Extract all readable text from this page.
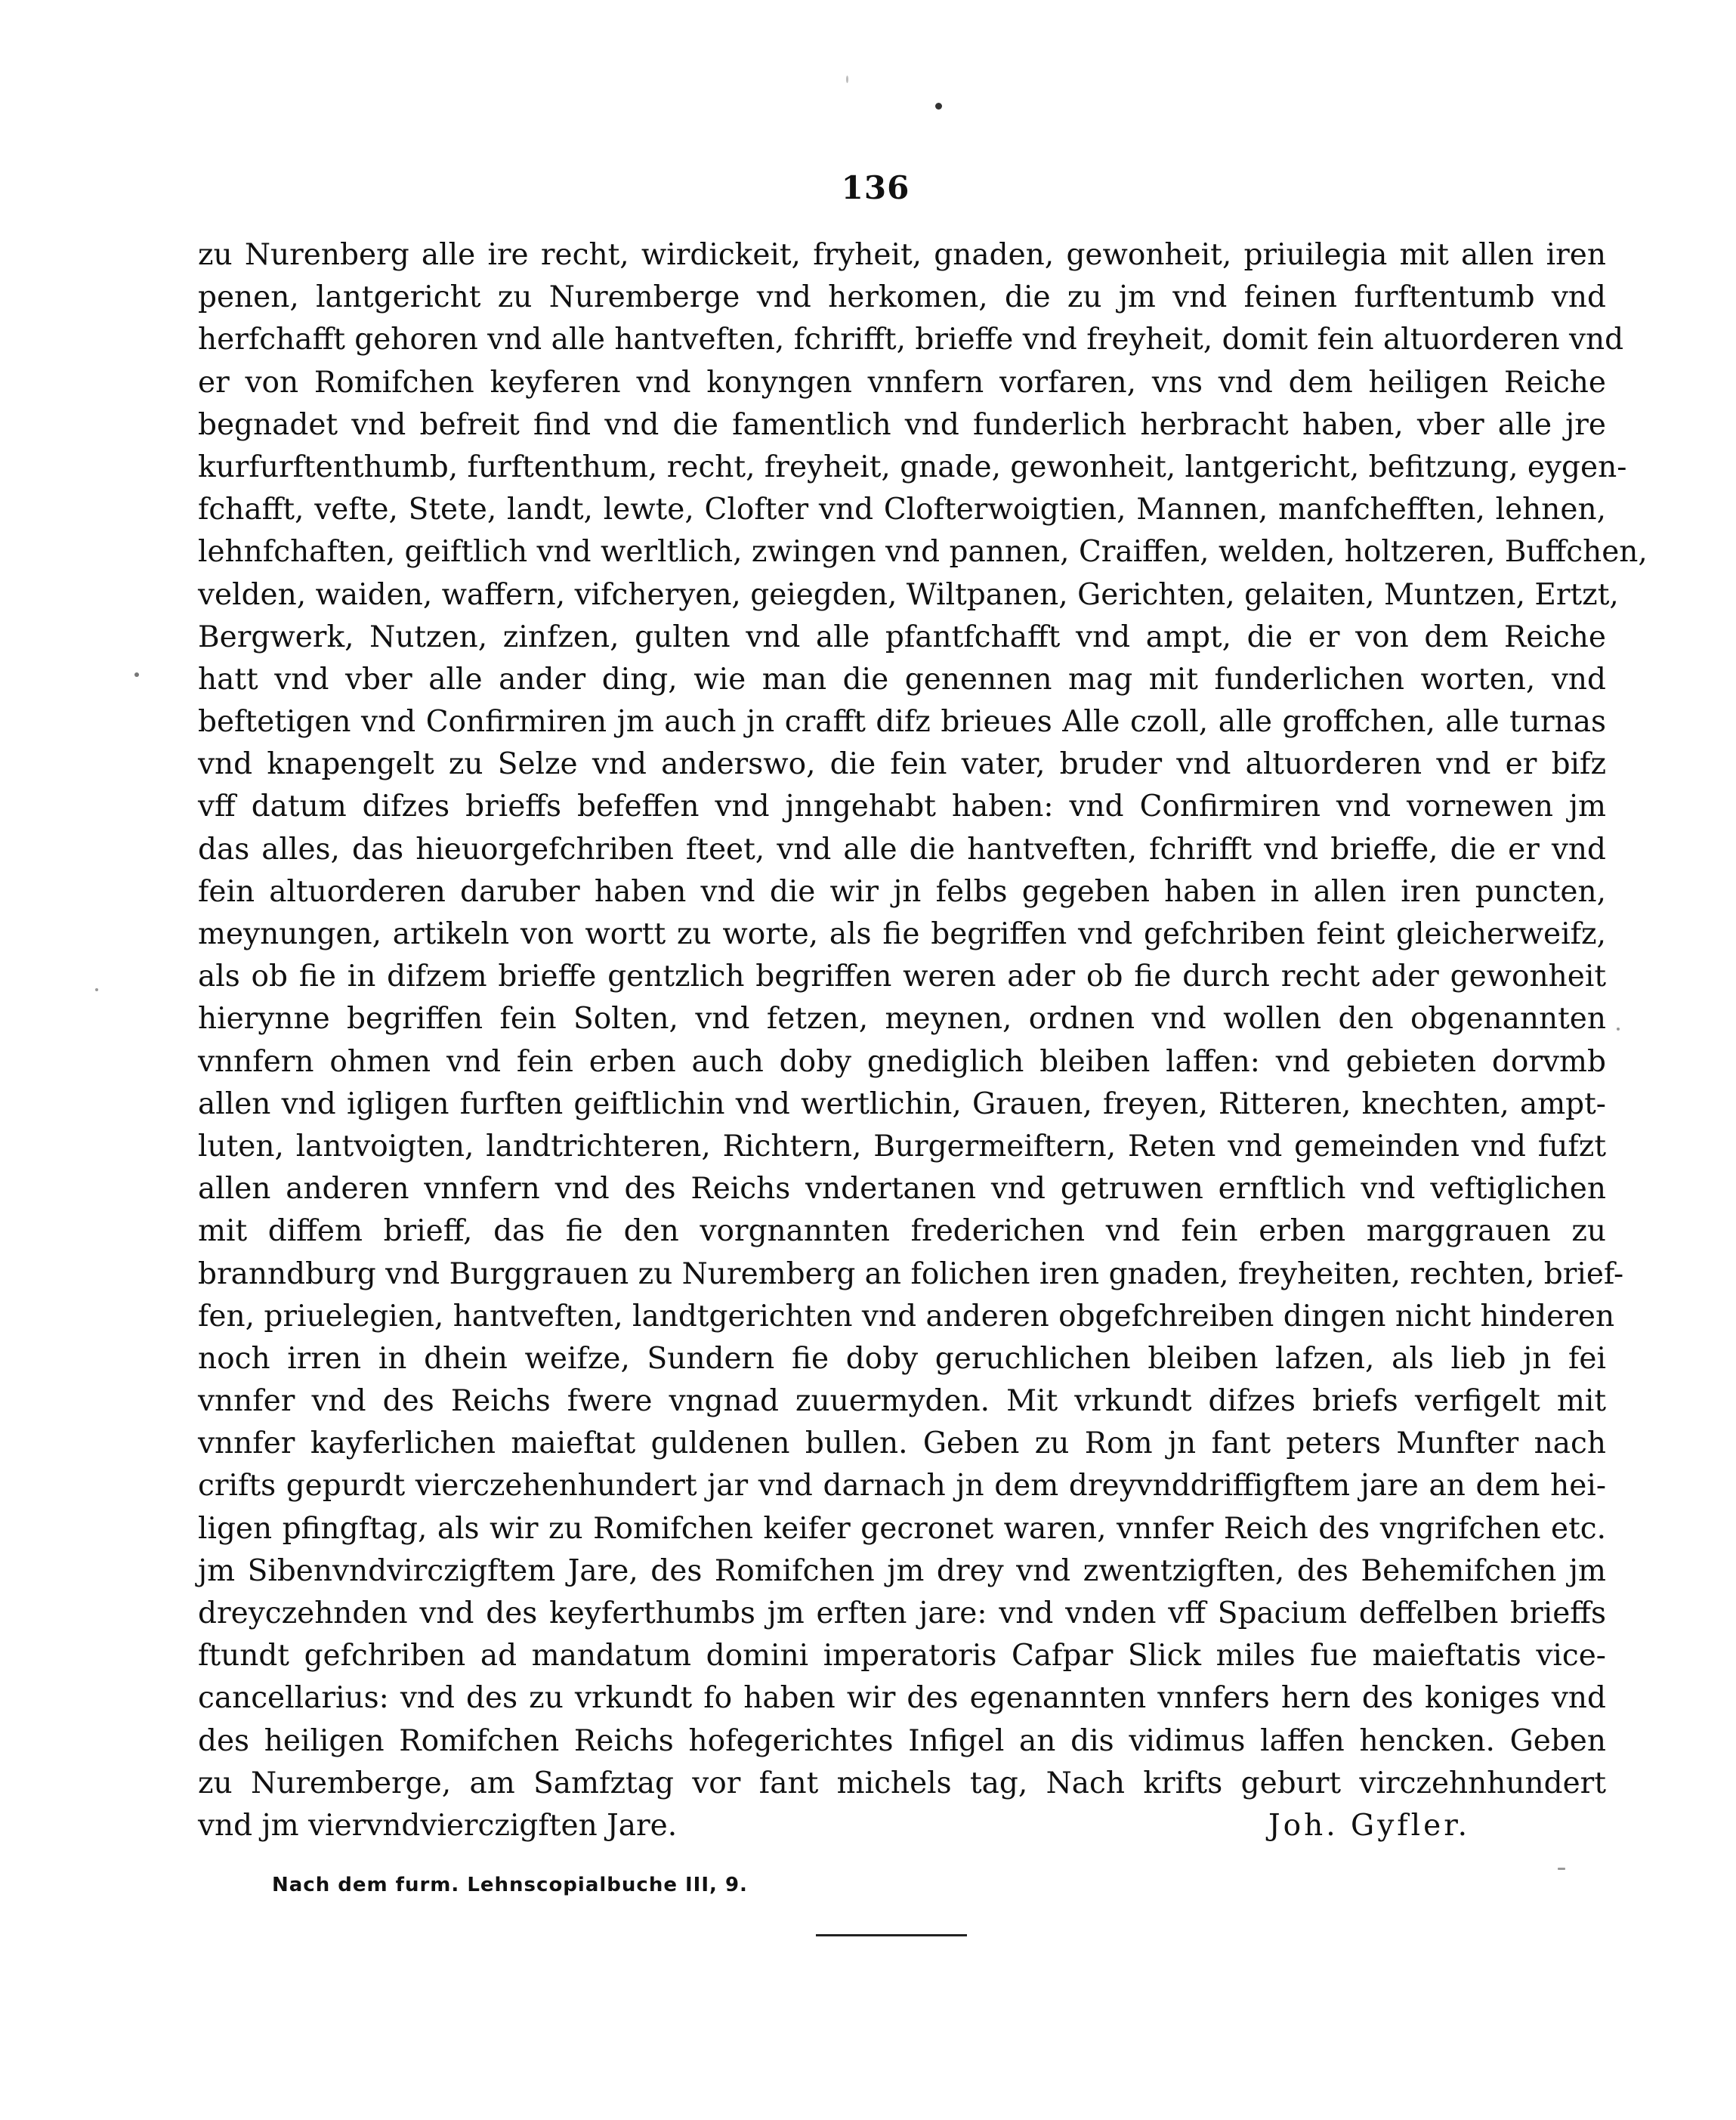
136
zu Nurenberg alle ire recht, wirdickeit, fryheit, gnaden, gewonheit, priuilegia mit allen iren
penen, lantgericht zu Nuremberge vnd herkomen, die zu jm vnd feinen furftentumb vnd
herfchafft gehoren vnd alle hantveften, fchrifft, brieffe vnd freyheit, domit fein altuorderen vnd
er von Romifchen keyferen vnd konyngen vnnfern vorfaren, vns vnd dem heiligen Reiche
begnadet vnd befreit find vnd die famentlich vnd funderlich herbracht haben, vber alle jre
kurfurftenthumb, furftenthum, recht, freyheit, gnade, gewonheit, lantgericht, befitzung, eygen-
fchafft, vefte, Stete, landt, lewte, Clofter vnd Clofterwoigtien, Mannen, manfchefften, lehnen,
lehnfchaften, geiftlich vnd werltlich, zwingen vnd pannen, Craiffen, welden, holtzeren, Buffchen,
velden, waiden, waffern, vifcheryen, geiegden, Wiltpanen, Gerichten, gelaiten, Muntzen, Ertzt,
Bergwerk, Nutzen, zinfzen, gulten vnd alle pfantfchafft vnd ampt, die er von dem Reiche
hatt vnd vber alle ander ding, wie man die genennen mag mit funderlichen worten, vnd
beftetigen vnd Confirmiren jm auch jn crafft difz brieues Alle czoll, alle groffchen, alle turnas
vnd knapengelt zu Selze vnd anderswo, die fein vater, bruder vnd altuorderen vnd er bifz
vff datum difzes brieffs befeffen vnd jnngehabt haben: vnd Confirmiren vnd vornewen jm
das alles, das hieuorgefchriben fteet, vnd alle die hantveften, fchrifft vnd brieffe, die er vnd
fein altuorderen daruber haben vnd die wir jn felbs gegeben haben in allen iren puncten,
meynungen, artikeln von wortt zu worte, als fie begriffen vnd gefchriben feint gleicherweifz,
als ob fie in difzem brieffe gentzlich begriffen weren ader ob fie durch recht ader gewonheit
hierynne begriffen fein Solten, vnd fetzen, meynen, ordnen vnd wollen den obgenannten
vnnfern ohmen vnd fein erben auch doby gnediglich bleiben laffen: vnd gebieten dorvmb
allen vnd igligen furften geiftlichin vnd wertlichin, Grauen, freyen, Ritteren, knechten, ampt-
luten, lantvoigten, landtrichteren, Richtern, Burgermeiftern, Reten vnd gemeinden vnd fufzt
allen anderen vnnfern vnd des Reichs vndertanen vnd getruwen ernftlich vnd veftiglichen
mit diffem brieff, das fie den vorgnannten frederichen vnd fein erben marggrauen zu
branndburg vnd Burggrauen zu Nuremberg an folichen iren gnaden, freyheiten, rechten, brief-
fen, priuelegien, hantveften, landtgerichten vnd anderen obgefchreiben dingen nicht hinderen
noch irren in dhein weifze, Sundern fie doby geruchlichen bleiben lafzen, als lieb jn fei
vnnfer vnd des Reichs fwere vngnad zuuermyden. Mit vrkundt difzes briefs verfigelt mit
vnnfer kayferlichen maieftat guldenen bullen. Geben zu Rom jn fant peters Munfter nach
crifts gepurdt vierczehenhundert jar vnd darnach jn dem dreyvnddriffigftem jare an dem hei-
ligen pfingftag, als wir zu Romifchen keifer gecronet waren, vnnfer Reich des vngrifchen etc.
jm Sibenvndvirczigftem Jare, des Romifchen jm drey vnd zwentzigften, des Behemifchen jm
dreyczehnden vnd des keyferthumbs jm erften jare: vnd vnden vff Spacium deffelben brieffs
ftundt gefchriben ad mandatum domini imperatoris Cafpar Slick miles fue maieftatis vice-
cancellarius: vnd des zu vrkundt fo haben wir des egenannten vnnfers hern des koniges vnd
des heiligen Romifchen Reichs hofegerichtes Infigel an dis vidimus laffen hencken. Geben
zu Nuremberge, am Samfztag vor fant michels tag, Nach krifts geburt virczehnhundert
vnd jm viervndvierczigften Jare.	Joh. Gyfler.
Nach dem furm. Lehnscopialbuche III, 9.
